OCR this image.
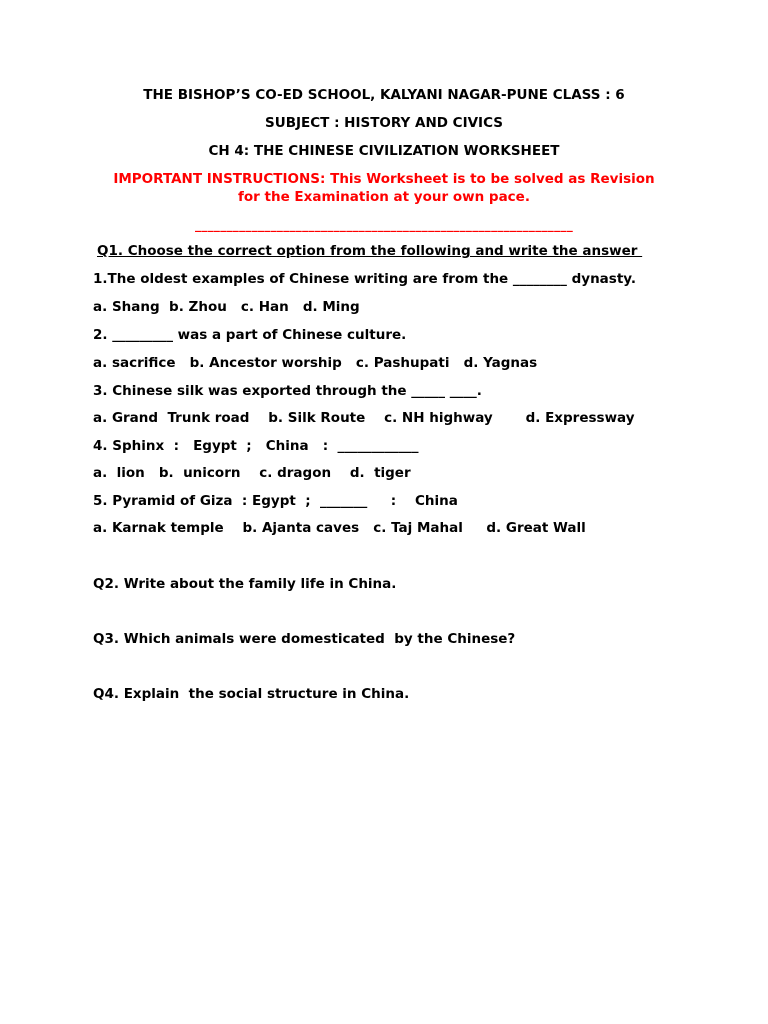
THE BISHOP’S CO-ED SCHOOL, KALYANI NAGAR-PUNE CLASS : 6
SUBJECT : HISTORY AND CIVICS
CH 4: THE CHINESE CIVILIZATION WORKSHEET
IMPORTANT INSTRUCTIONS: This Worksheet is to be solved as Revision
for the Examination at your own pace.
____________________________________________________________
Q1. Choose the correct option from the following and write the answer
1.The oldest examples of Chinese writing are from the ________ dynasty.
a. Shang  b. Zhou   c. Han   d. Ming
2. _________ was a part of Chinese culture.
a. sacrifice   b. Ancestor worship   c. Pashupati   d. Yagnas
3. Chinese silk was exported through the _____ ____.
a. Grand  Trunk road    b. Silk Route    c. NH highway       d. Expressway
4. Sphinx  :   Egypt  ;   China   :  ____________
a.  lion   b.  unicorn    c. dragon    d.  tiger
5. Pyramid of Giza  : Egypt  ;  _______     :    China
a. Karnak temple    b. Ajanta caves   c. Taj Mahal     d. Great Wall
Q2. Write about the family life in China.
Q3. Which animals were domesticated  by the Chinese?
Q4. Explain  the social structure in China.
